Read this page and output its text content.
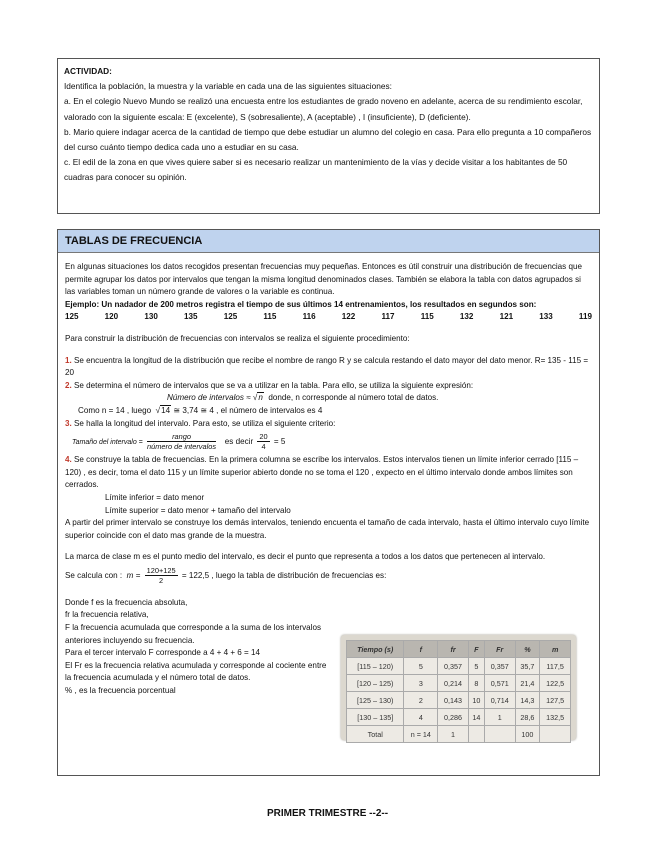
ACTIVIDAD:

Identifica la población, la muestra y la variable en cada una de las siguientes situaciones:

a. En el colegio Nuevo Mundo se realizó una encuesta entre los estudiantes de grado noveno en adelante, acerca de su rendimiento escolar, valorado con la siguiente escala: E (excelente), S (sobresaliente), A (aceptable) , I (insuficiente), D (deficiente).

b. Mario quiere indagar acerca de la cantidad de tiempo que debe estudiar un alumno del colegio en casa. Para ello pregunta a 10 compañeros del curso cuánto tiempo dedica cada uno a estudiar en su casa.

c. El edil de la zona en que vives quiere saber si es necesario realizar un mantenimiento de la vías y decide visitar a los habitantes de 50 cuadras para conocer su opinión.

TABLAS DE FRECUENCIA

En algunas situaciones los datos recogidos presentan frecuencias muy pequeñas. Entonces es útil construir una distribución de frecuencias que permite agrupar los datos por intervalos que tengan la misma longitud denominados clases. También se elabora la tabla con datos agrupados si las variables toman un número grande de valores o la variable es continua.

Ejemplo: Un nadador de 200 metros registra el tiempo de sus últimos 14 entrenamientos, los resultados en segundos son:

125	120	130	135	125	115	116	122	117	115	132	121	133	119

Para construir la distribución de frecuencias con intervalos se realiza el siguiente procedimiento:

1. Se encuentra la longitud de la distribución que recibe el nombre de rango R y se calcula restando el dato mayor del dato menor. R= 135 - 115 = 20

2. Se determina el número de intervalos que se va a utilizar en la tabla. Para ello, se utiliza la siguiente expresión:

Número de intervalos ≈ √n donde, n corresponde al número total de datos.

Como n = 14 , luego  √14 ≅ 3,74 ≅ 4 , el número de intervalos es 4

3. Se halla la longitud del intervalo. Para esto, se utiliza el siguiente criterio:

Tamaño del intervalo = $\frac{\text{rango}}{\text{número de intervalos}}$ es decir $\frac{20}{4} = 5$

4. Se construye la tabla de frecuencias. En la primera columna se escribe los intervalos. Estos intervalos tienen un límite inferior cerrado [115 – 120) , es decir, toma el dato 115 y un límite superior abierto donde no se toma el 120 , expecto en el último intervalo donde ambos límites son cerrados.

Límite inferior = dato menor

Límite superior = dato menor + tamaño del intervalo

A partir del primer intervalo se construye los demás intervalos, teniendo encuenta el tamaño de cada intervalo, hasta el último intervalo cuyo límite superior coincide con el dato mas grande de la muestra.

La marca de clase m es el punto medio del intervalo, es decir el punto que representa a todos a los datos que pertenecen al intervalo.

Se calcula con : $m = \frac{120+125}{2} = 122,5$ , luego la tabla de distribución de frecuencias es:

Donde f es la frecuencia absoluta,

fr la frecuencia relativa,

F la frecuencia acumulada que corresponde a la suma de los intervalos anteriores incluyendo su frecuencia.

Para el tercer intervalo F corresponde a 4 + 4 + 6 = 14

El Fr es la frecuencia relativa acumulada y corresponde al cociente entre la frecuencia acumulada y el número total de datos.

% , es la frecuencia porcentual

Tiempo (s)	f	fr	F	Fr	%	m
[115 – 120)	5	0,357	5	0,357	35,7	117,5
[120 – 125)	3	0,214	8	0,571	21,4	122,5
[125 – 130)	2	0,143	10	0,714	14,3	127,5
[130 – 135]	4	0,286	14	1	28,6	132,5
Total	n = 14	1			100	
PRIMER TRIMESTRE --2--
